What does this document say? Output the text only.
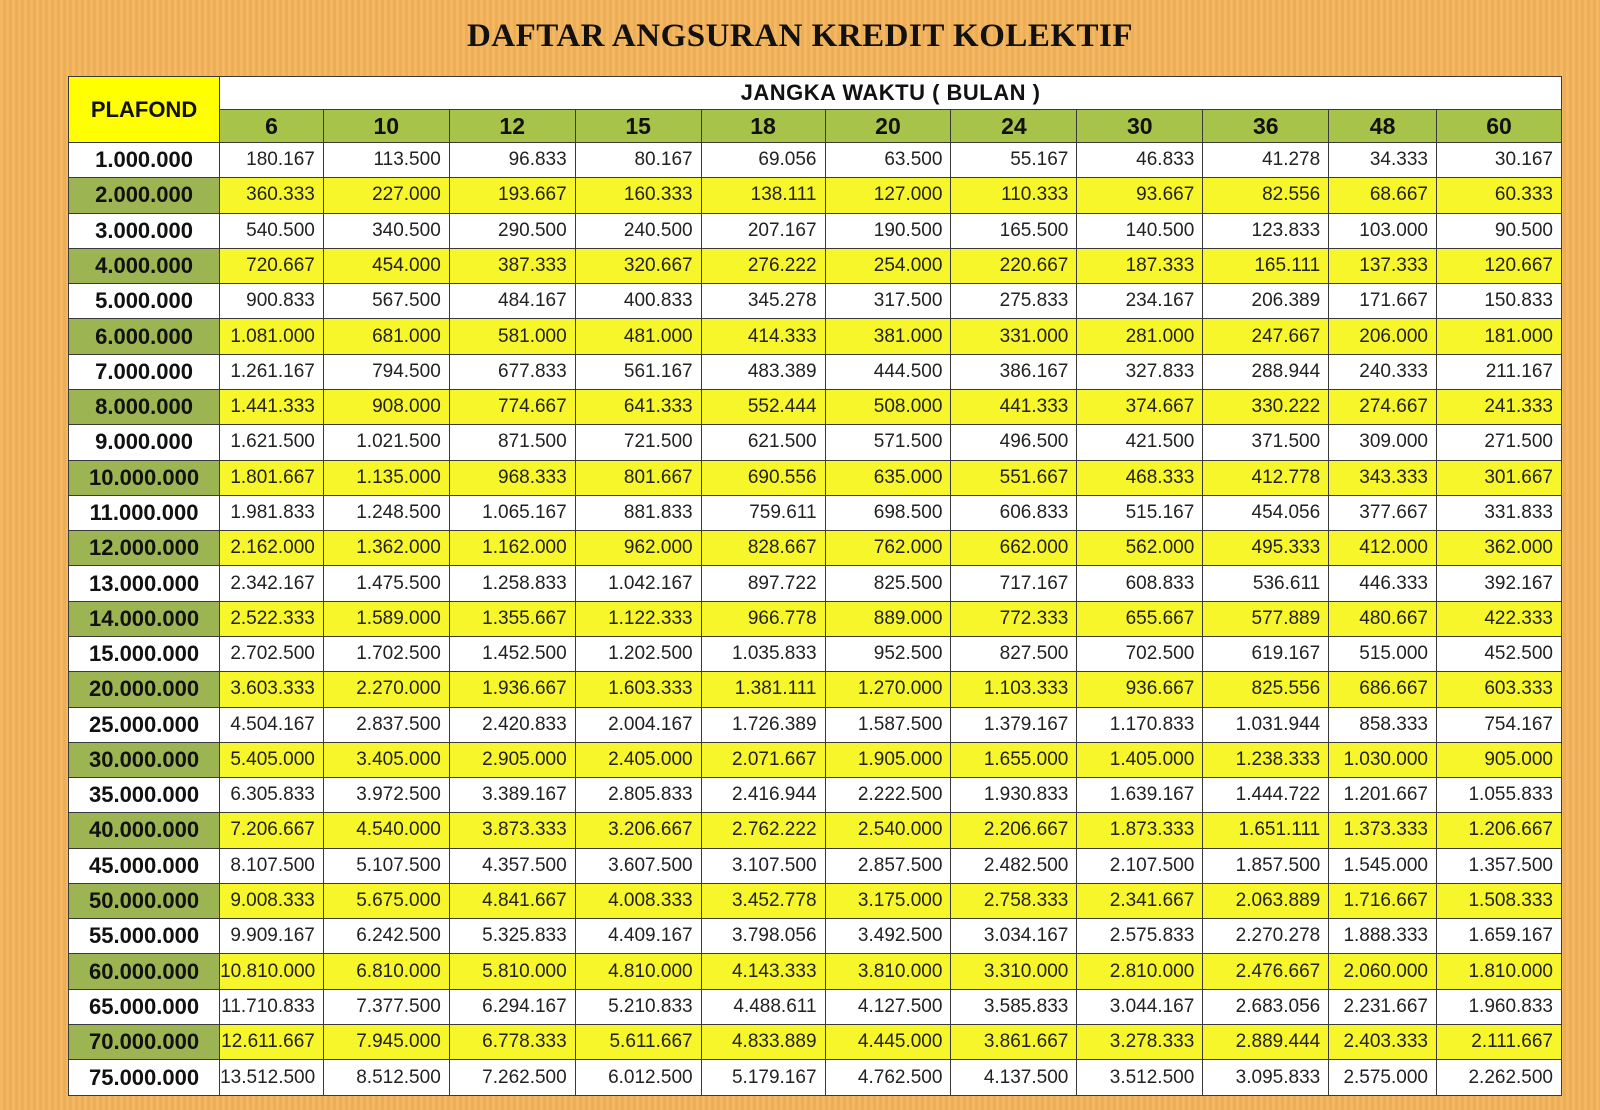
DAFTAR ANGSURAN KREDIT KOLEKTIF
PLAFOND	JANGKA WAKTU ( BULAN )										
	6	10	12	15	18	20	24	30	36	48	60
1.000.000	180.167	113.500	96.833	80.167	69.056	63.500	55.167	46.833	41.278	34.333	30.167
2.000.000	360.333	227.000	193.667	160.333	138.111	127.000	110.333	93.667	82.556	68.667	60.333
3.000.000	540.500	340.500	290.500	240.500	207.167	190.500	165.500	140.500	123.833	103.000	90.500
4.000.000	720.667	454.000	387.333	320.667	276.222	254.000	220.667	187.333	165.111	137.333	120.667
5.000.000	900.833	567.500	484.167	400.833	345.278	317.500	275.833	234.167	206.389	171.667	150.833
6.000.000	1.081.000	681.000	581.000	481.000	414.333	381.000	331.000	281.000	247.667	206.000	181.000
7.000.000	1.261.167	794.500	677.833	561.167	483.389	444.500	386.167	327.833	288.944	240.333	211.167
8.000.000	1.441.333	908.000	774.667	641.333	552.444	508.000	441.333	374.667	330.222	274.667	241.333
9.000.000	1.621.500	1.021.500	871.500	721.500	621.500	571.500	496.500	421.500	371.500	309.000	271.500
10.000.000	1.801.667	1.135.000	968.333	801.667	690.556	635.000	551.667	468.333	412.778	343.333	301.667
11.000.000	1.981.833	1.248.500	1.065.167	881.833	759.611	698.500	606.833	515.167	454.056	377.667	331.833
12.000.000	2.162.000	1.362.000	1.162.000	962.000	828.667	762.000	662.000	562.000	495.333	412.000	362.000
13.000.000	2.342.167	1.475.500	1.258.833	1.042.167	897.722	825.500	717.167	608.833	536.611	446.333	392.167
14.000.000	2.522.333	1.589.000	1.355.667	1.122.333	966.778	889.000	772.333	655.667	577.889	480.667	422.333
15.000.000	2.702.500	1.702.500	1.452.500	1.202.500	1.035.833	952.500	827.500	702.500	619.167	515.000	452.500
20.000.000	3.603.333	2.270.000	1.936.667	1.603.333	1.381.111	1.270.000	1.103.333	936.667	825.556	686.667	603.333
25.000.000	4.504.167	2.837.500	2.420.833	2.004.167	1.726.389	1.587.500	1.379.167	1.170.833	1.031.944	858.333	754.167
30.000.000	5.405.000	3.405.000	2.905.000	2.405.000	2.071.667	1.905.000	1.655.000	1.405.000	1.238.333	1.030.000	905.000
35.000.000	6.305.833	3.972.500	3.389.167	2.805.833	2.416.944	2.222.500	1.930.833	1.639.167	1.444.722	1.201.667	1.055.833
40.000.000	7.206.667	4.540.000	3.873.333	3.206.667	2.762.222	2.540.000	2.206.667	1.873.333	1.651.111	1.373.333	1.206.667
45.000.000	8.107.500	5.107.500	4.357.500	3.607.500	3.107.500	2.857.500	2.482.500	2.107.500	1.857.500	1.545.000	1.357.500
50.000.000	9.008.333	5.675.000	4.841.667	4.008.333	3.452.778	3.175.000	2.758.333	2.341.667	2.063.889	1.716.667	1.508.333
55.000.000	9.909.167	6.242.500	5.325.833	4.409.167	3.798.056	3.492.500	3.034.167	2.575.833	2.270.278	1.888.333	1.659.167
60.000.000	10.810.000	6.810.000	5.810.000	4.810.000	4.143.333	3.810.000	3.310.000	2.810.000	2.476.667	2.060.000	1.810.000
65.000.000	11.710.833	7.377.500	6.294.167	5.210.833	4.488.611	4.127.500	3.585.833	3.044.167	2.683.056	2.231.667	1.960.833
70.000.000	12.611.667	7.945.000	6.778.333	5.611.667	4.833.889	4.445.000	3.861.667	3.278.333	2.889.444	2.403.333	2.111.667
75.000.000	13.512.500	8.512.500	7.262.500	6.012.500	5.179.167	4.762.500	4.137.500	3.512.500	3.095.833	2.575.000	2.262.500
